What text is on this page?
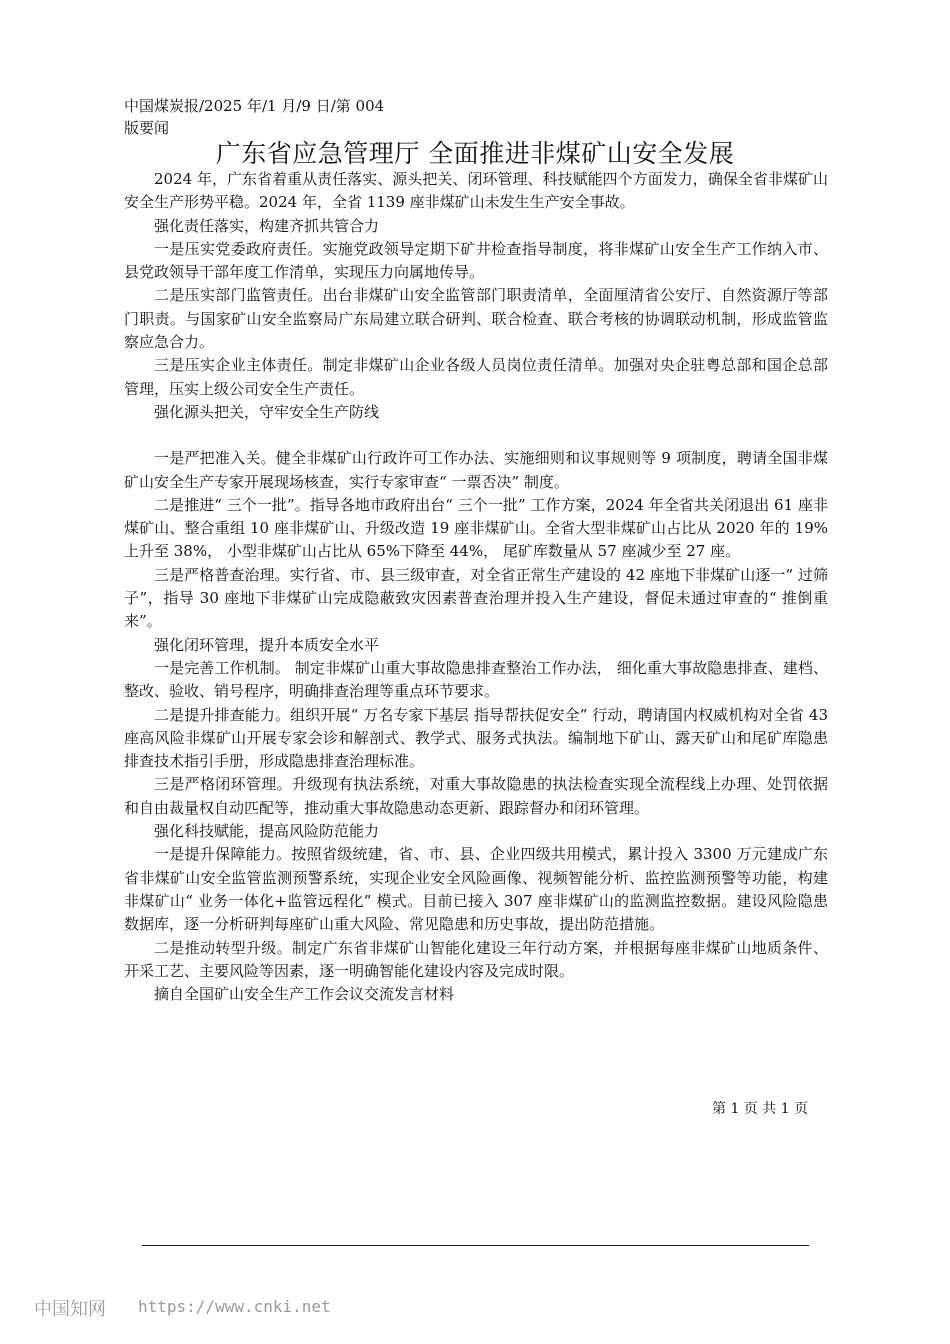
中国煤炭报/2025 年/1 月/9 日/第 004
版要闻
广东省应急管理厅 全面推进非煤矿山安全发展

2024 年，广东省着重从责任落实、源头把关、闭环管理、科技赋能四个方面发力，确保全省非煤矿山安全生产形势平稳。2024 年，全省 1139 座非煤矿山未发生生产安全事故。

强化责任落实，构建齐抓共管合力

一是压实党委政府责任。实施党政领导定期下矿井检查指导制度，将非煤矿山安全生产工作纳入市、县党政领导干部年度工作清单，实现压力向属地传导。

二是压实部门监管责任。出台非煤矿山安全监管部门职责清单，全面厘清省公安厅、自然资源厅等部门职责。与国家矿山安全监察局广东局建立联合研判、联合检查、联合考核的协调联动机制，形成监管监察应急合力。

三是压实企业主体责任。制定非煤矿山企业各级人员岗位责任清单。加强对央企驻粤总部和国企总部管理，压实上级公司安全生产责任。

强化源头把关，守牢安全生产防线

一是严把准入关。健全非煤矿山行政许可工作办法、实施细则和议事规则等 9 项制度，聘请全国非煤矿山安全生产专家开展现场核查，实行专家审查“ 一票否决” 制度。

二是推进“ 三个一批”。指导各地市政府出台“ 三个一批” 工作方案，2024 年全省共关闭退出 61 座非煤矿山、整合重组 10 座非煤矿山、升级改造 19 座非煤矿山。全省大型非煤矿山占比从 2020 年的 19%上升至 38%， 小型非煤矿山占比从 65%下降至 44%， 尾矿库数量从 57 座减少至 27 座。

三是严格普查治理。实行省、市、县三级审查，对全省正常生产建设的 42 座地下非煤矿山逐一“ 过筛子”，指导 30 座地下非煤矿山完成隐蔽致灾因素普查治理并投入生产建设，督促未通过审查的“ 推倒重来”。

强化闭环管理，提升本质安全水平

一是完善工作机制。 制定非煤矿山重大事故隐患排查整治工作办法， 细化重大事故隐患排查、建档、整改、验收、销号程序，明确排查治理等重点环节要求。

二是提升排查能力。组织开展“ 万名专家下基层 指导帮扶促安全” 行动，聘请国内权威机构对全省 43 座高风险非煤矿山开展专家会诊和解剖式、教学式、服务式执法。编制地下矿山、露天矿山和尾矿库隐患排查技术指引手册，形成隐患排查治理标准。

三是严格闭环管理。升级现有执法系统，对重大事故隐患的执法检查实现全流程线上办理、处罚依据和自由裁量权自动匹配等，推动重大事故隐患动态更新、跟踪督办和闭环管理。

强化科技赋能，提高风险防范能力

一是提升保障能力。按照省级统建，省、市、县、企业四级共用模式，累计投入 3300 万元建成广东省非煤矿山安全监管监测预警系统，实现企业安全风险画像、视频智能分析、监控监测预警等功能，构建非煤矿山“ 业务一体化+监管远程化” 模式。目前已接入 307 座非煤矿山的监测监控数据。建设风险隐患数据库，逐一分析研判每座矿山重大风险、常见隐患和历史事故，提出防范措施。

二是推动转型升级。制定广东省非煤矿山智能化建设三年行动方案，并根据每座非煤矿山地质条件、开采工艺、主要风险等因素，逐一明确智能化建设内容及完成时限。

摘自全国矿山安全生产工作会议交流发言材料

第 1 页 共 1 页
中国知网 https://www.cnki.net
